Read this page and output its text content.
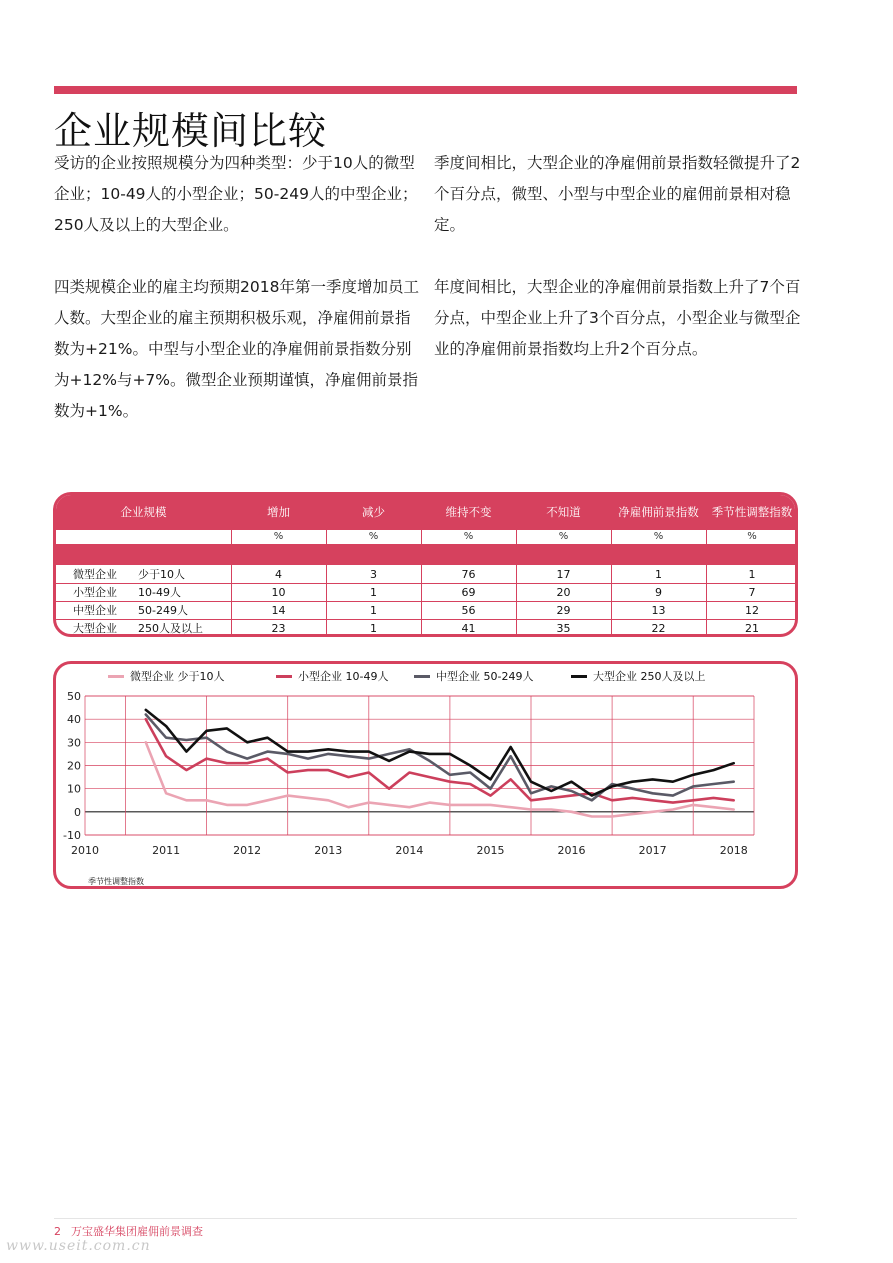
企业规模间比较

受访的企业按照规模分为四种类型：少于10人的微型企业；10-49人的小型企业；50-249人的中型企业；250人及以上的大型企业。

四类规模企业的雇主均预期2018年第一季度增加员工人数。大型企业的雇主预期积极乐观，净雇佣前景指数为+21%。中型与小型企业的净雇佣前景指数分别为+12%与+7%。微型企业预期谨慎，净雇佣前景指数为+1%。

季度间相比，大型企业的净雇佣前景指数轻微提升了2个百分点，微型、小型与中型企业的雇佣前景相对稳定。

年度间相比，大型企业的净雇佣前景指数上升了7个百分点，中型企业上升了3个百分点，小型企业与微型企业的净雇佣前景指数均上升2个百分点。

企业规模	增加	减少	维持不变	不知道	净雇佣前景指数	季节性调整指数
%	%	%	%	%	%
微型企业	少于10人	4	3	76	17	1	1
小型企业	10-49人	10	1	69	20	9	7
中型企业	50-249人	14	1	56	29	13	12
大型企业	250人及以上	23	1	41	35	22	21
微型企业 少于10人	小型企业 10-49人	中型企业 50-249人	大型企业 250人及以上
50
40
30
20
10
0
-10
2010	2011	2012	2013	2014	2015	2016	2017	2018
季节性调整指数
2 万宝盛华集团雇佣前景调查
www.useit.com.cn
